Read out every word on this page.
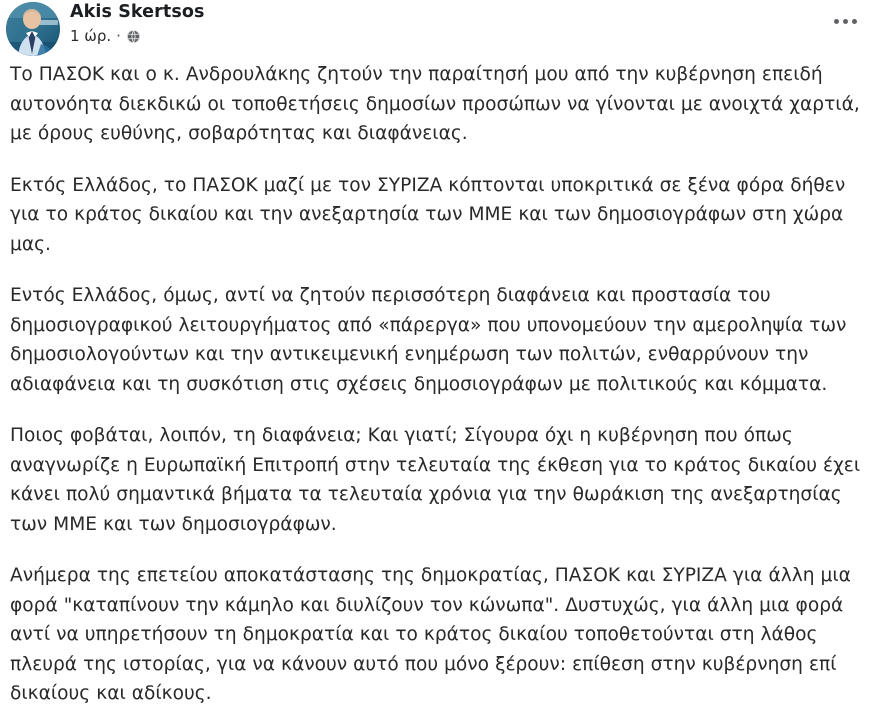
Akis Skertsos
1 ώρ. ·

Το ΠΑΣΟΚ και ο κ. Ανδρουλάκης ζητούν την παραίτησή μου από την κυβέρνηση επειδή αυτονόητα διεκδικώ οι τοποθετήσεις δημοσίων προσώπων να γίνονται με ανοιχτά χαρτιά, με όρους ευθύνης, σοβαρότητας και διαφάνειας.

Εκτός Ελλάδος, το ΠΑΣΟΚ μαζί με τον ΣΥΡΙΖΑ κόπτονται υποκριτικά σε ξένα φόρα δήθεν για το κράτος δικαίου και την ανεξαρτησία των ΜΜΕ και των δημοσιογράφων στη χώρα μας.

Εντός Ελλάδος, όμως, αντί να ζητούν περισσότερη διαφάνεια και προστασία του δημοσιογραφικού λειτουργήματος από «πάρεργα» που υπονομεύουν την αμεροληψία των δημοσιολογούντων και την αντικειμενική ενημέρωση των πολιτών, ενθαρρύνουν την αδιαφάνεια και τη συσκότιση στις σχέσεις δημοσιογράφων με πολιτικούς και κόμματα.

Ποιος φοβάται, λοιπόν, τη διαφάνεια; Και γιατί; Σίγουρα όχι η κυβέρνηση που όπως αναγνωρίζε η Ευρωπαϊκή Επιτροπή στην τελευταία της έκθεση για το κράτος δικαίου έχει κάνει πολύ σημαντικά βήματα τα τελευταία χρόνια για την θωράκιση της ανεξαρτησίας των ΜΜΕ και των δημοσιογράφων.

Ανήμερα της επετείου αποκατάστασης της δημοκρατίας, ΠΑΣΟΚ και ΣΥΡΙΖΑ για άλλη μια φορά "καταπίνουν την κάμηλο και διυλίζουν τον κώνωπα". Δυστυχώς, για άλλη μια φορά αντί να υπηρετήσουν τη δημοκρατία και το κράτος δικαίου τοποθετούνται στη λάθος πλευρά της ιστορίας, για να κάνουν αυτό που μόνο ξέρουν: επίθεση στην κυβέρνηση επί δικαίους και αδίκους.
